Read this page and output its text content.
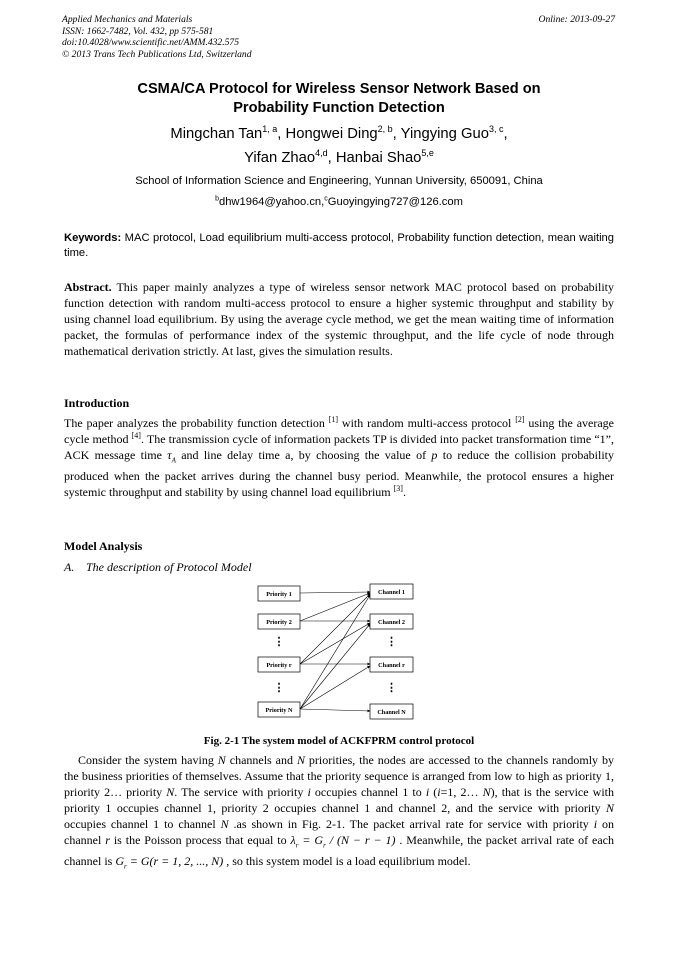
Applied Mechanics and Materials
ISSN: 1662-7482, Vol. 432, pp 575-581
doi:10.4028/www.scientific.net/AMM.432.575
© 2013 Trans Tech Publications Ltd, Switzerland
Online: 2013-09-27
CSMA/CA Protocol for Wireless Sensor Network Based on
Probability Function Detection
Mingchan Tan$^{1, a}$, Hongwei Ding$^{2, b}$, Yingying Guo$^{3, c}$,
Yifan Zhao$^{4,d}$, Hanbai Shao$^{5,e}$
School of Information Science and Engineering, Yunnan University, 650091, China
$^b$dhw1964@yahoo.cn,$^c$Guoyingying727@126.com
Keywords: MAC protocol, Load equilibrium multi-access protocol, Probability function detection, mean waiting time.
Abstract. This paper mainly analyzes a type of wireless sensor network MAC protocol based on probability function detection with random multi-access protocol to ensure a higher systemic throughput and stability by using channel load equilibrium. By using the average cycle method, we get the mean waiting time of information packet, the formulas of performance index of the systemic throughput, and the life cycle of node through mathematical derivation strictly. At last, gives the simulation results.
Introduction
The paper analyzes the probability function detection [1] with random multi-access protocol [2] using the average cycle method [4]. The transmission cycle of information packets TP is divided into packet transformation time “1”, ACK message time $\tau_A$ and line delay time a, by choosing the value of p to reduce the collision probability produced when the packet arrives during the channel busy period. Meanwhile, the protocol ensures a higher systemic throughput and stability by using channel load equilibrium [3].
Model Analysis
A. The description of Protocol Model
Priority 1
Priority 2
Priority r
Priority N
Channel 1
Channel 2
Channel r
Channel N
⋮
⋮
⋮
⋮
Fig. 2-1 The system model of ACKFPRM control protocol
Consider the system having N channels and N priorities, the nodes are accessed to the channels randomly by the business priorities of themselves. Assume that the priority sequence is arranged from low to high as priority 1, priority 2… priority N. The service with priority i occupies channel 1 to i (i=1, 2… N), that is the service with priority 1 occupies channel 1, priority 2 occupies channel 1 and channel 2, and the service with priority N occupies channel 1 to channel N .as shown in Fig. 2-1. The packet arrival rate for service with priority i on channel r is the Poisson process that equal to $\lambda_r = G_r / (N - r - 1)$ . Meanwhile, the packet arrival rate of each channel is $G_r = G(r = 1$, 2, ..., N) , so this system model is a load equilibrium model.
